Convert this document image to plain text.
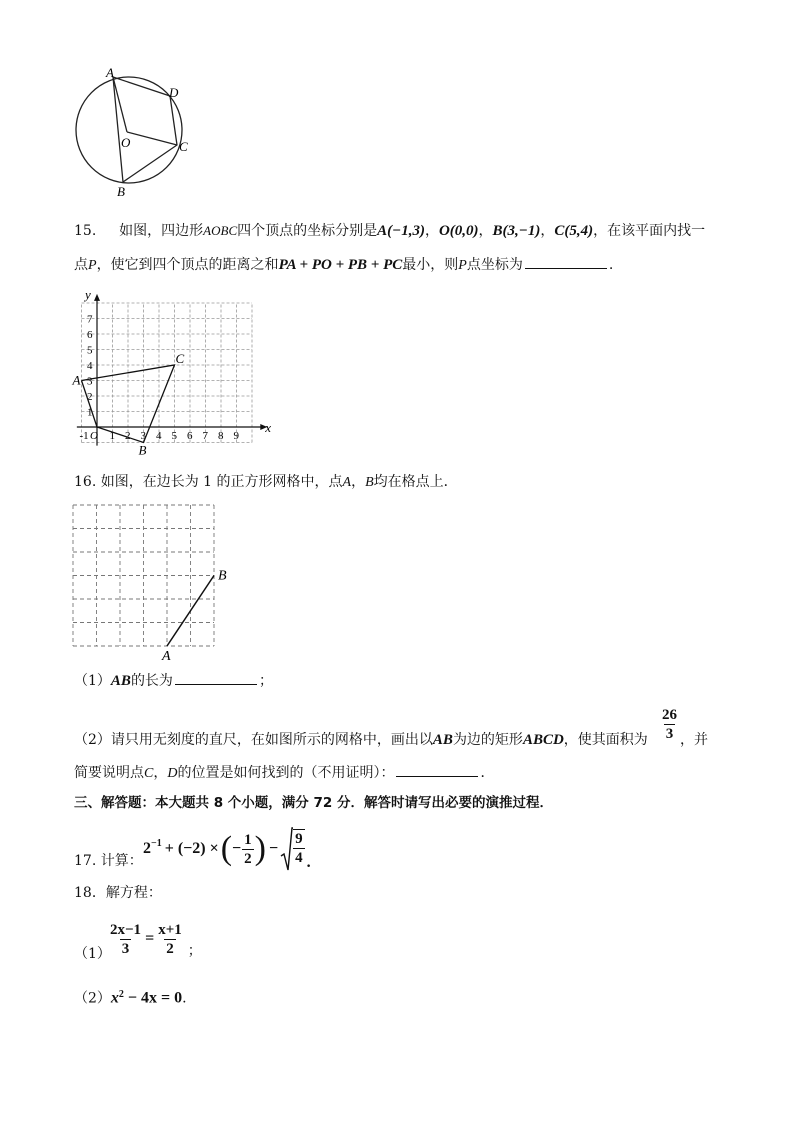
A
D
O	C
B
15. 如图，四边形AOBC四个顶点的坐标分别是A(−1,3)，O(0,0)，B(3,−1)，C(5,4)，在该平面内找一
点P，使它到四个顶点的距离之和PA + PO + PB + PC最小，则P点坐标为	.
x
y
-1 O 1 2 3 4 5 6 7 8 9
1
2
3
4
5
6
7
A
B
C
16. 如图，在边长为 1 的正方形网格中，点A，B均在格点上．
A
B
（1）AB的长为	；
（2）请只用无刻度的直尺，在如图所示的网格中，画出以AB为边的矩形ABCD，使其面积为 $\frac{26}{3}$ ，并
简要说明点C，D的位置是如何找到的（不用证明）：	．
三、解答题：本大题共 8 个小题，满分 72 分．解答时请写出必要的演推过程．
17. 计算：
$2^{-1} + (-2)$ × ( − $\frac{1}{2}$ ) − $\frac{9}{4}$ .
18．解方程：
（1）
$\frac{2x-1}{3} = \frac{x+1}{2}$ ；
$(2)x^2 - 4x = 0$.
